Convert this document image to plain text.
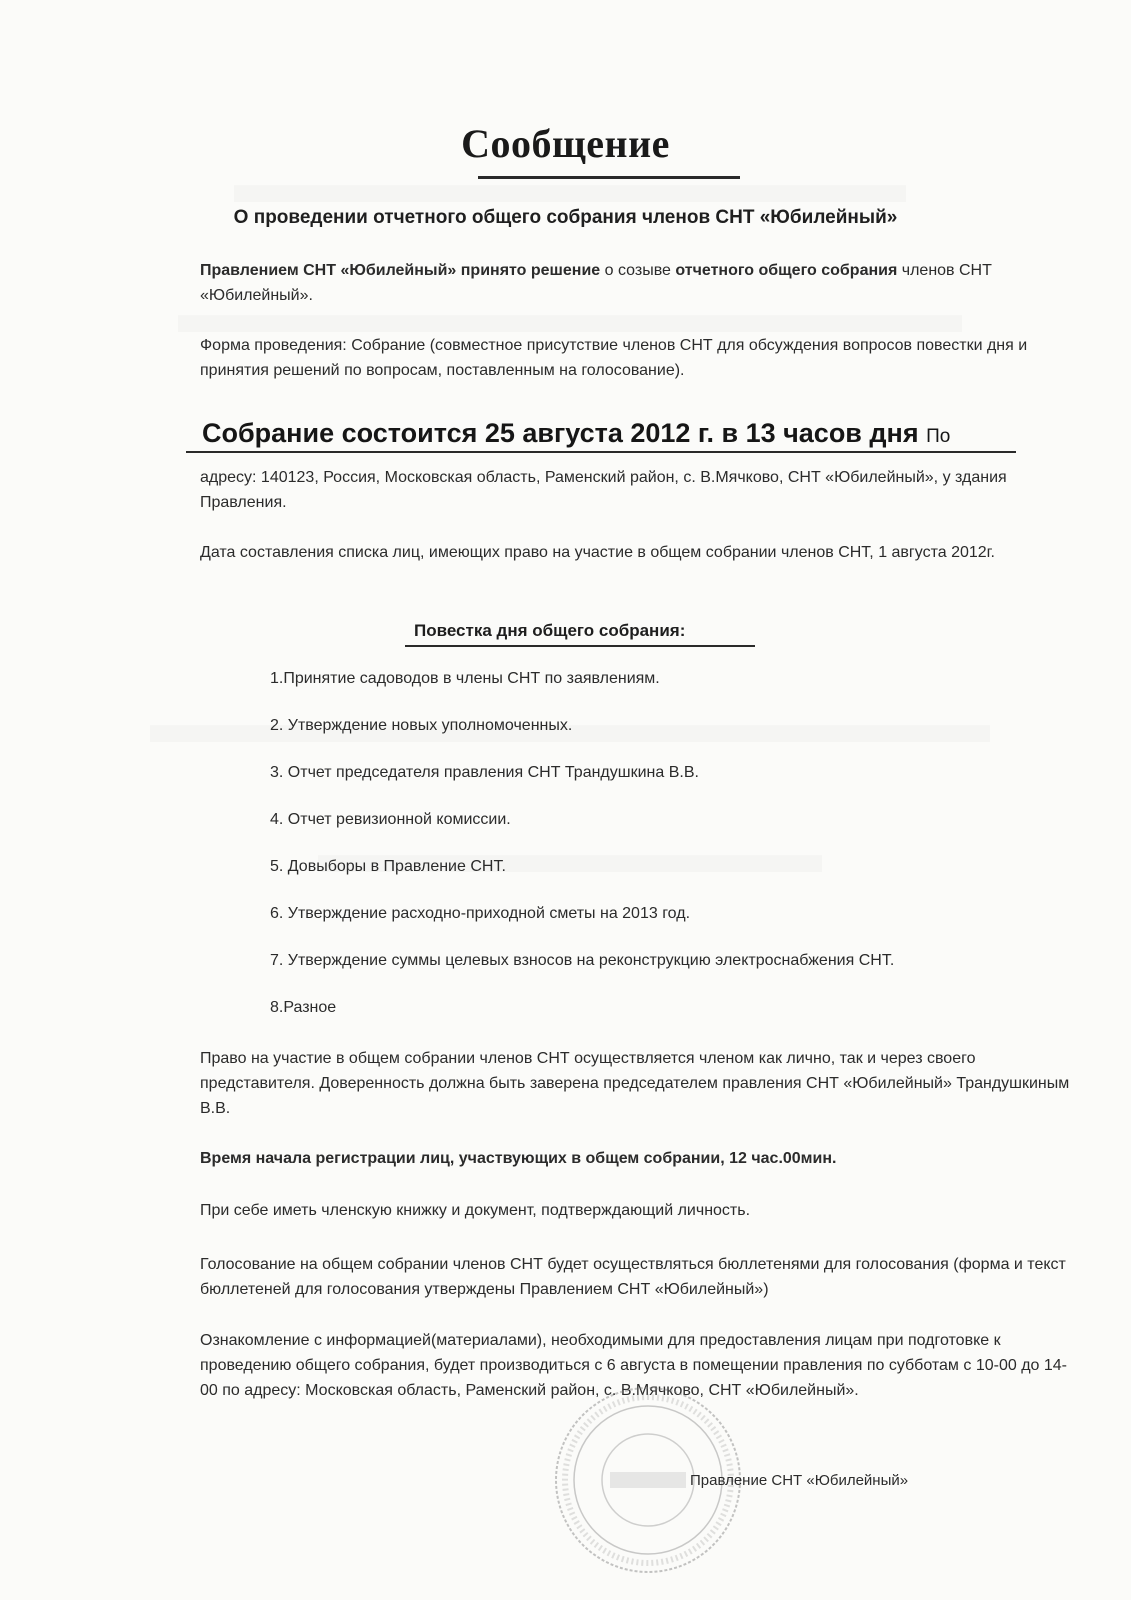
Сообщение
О проведении отчетного общего собрания членов СНТ «Юбилейный»

Правлением СНТ «Юбилейный» принято решение о созыве отчетного общего собрания членов СНТ «Юбилейный».

Форма проведения: Собрание (совместное присутствие членов СНТ для обсуждения вопросов повестки дня и принятия решений по вопросам, поставленным на голосование).

Собрание состоится 25 августа 2012 г. в 13 часов дня По

адресу: 140123, Россия, Московская область, Раменский район, с. В.Мячково, СНТ «Юбилейный», у здания Правления.

Дата составления списка лиц, имеющих право на участие в общем собрании членов СНТ, 1 августа 2012г.

Повестка дня общего собрания:
1.Принятие садоводов в члены СНТ по заявлениям.
2. Утверждение новых уполномоченных.
3. Отчет председателя правления СНТ Трандушкина В.В.
4. Отчет ревизионной комиссии.
5. Довыборы в Правление СНТ.
6. Утверждение расходно-приходной сметы на 2013 год.
7. Утверждение суммы целевых взносов на реконструкцию электроснабжения СНТ.
8.Разное

Право на участие в общем собрании членов СНТ осуществляется членом как лично, так и через своего представителя. Доверенность должна быть заверена председателем правления СНТ «Юбилейный» Трандушкиным В.В.

Время начала регистрации лиц, участвующих в общем собрании, 12 час.00мин.

При себе иметь членскую книжку и документ, подтверждающий личность.

Голосование на общем собрании членов СНТ будет осуществляться бюллетенями для голосования (форма и текст бюллетеней для голосования утверждены Правлением СНТ «Юбилейный»)

Ознакомление с информацией(материалами), необходимыми для предоставления лицам при подготовке к проведению общего собрания, будет производиться с 6 августа в помещении правления по субботам с 10-00 до 14-00 по адресу: Московская область, Раменский район, с. В.Мячково, СНТ «Юбилейный».

Правление СНТ «Юбилейный»
